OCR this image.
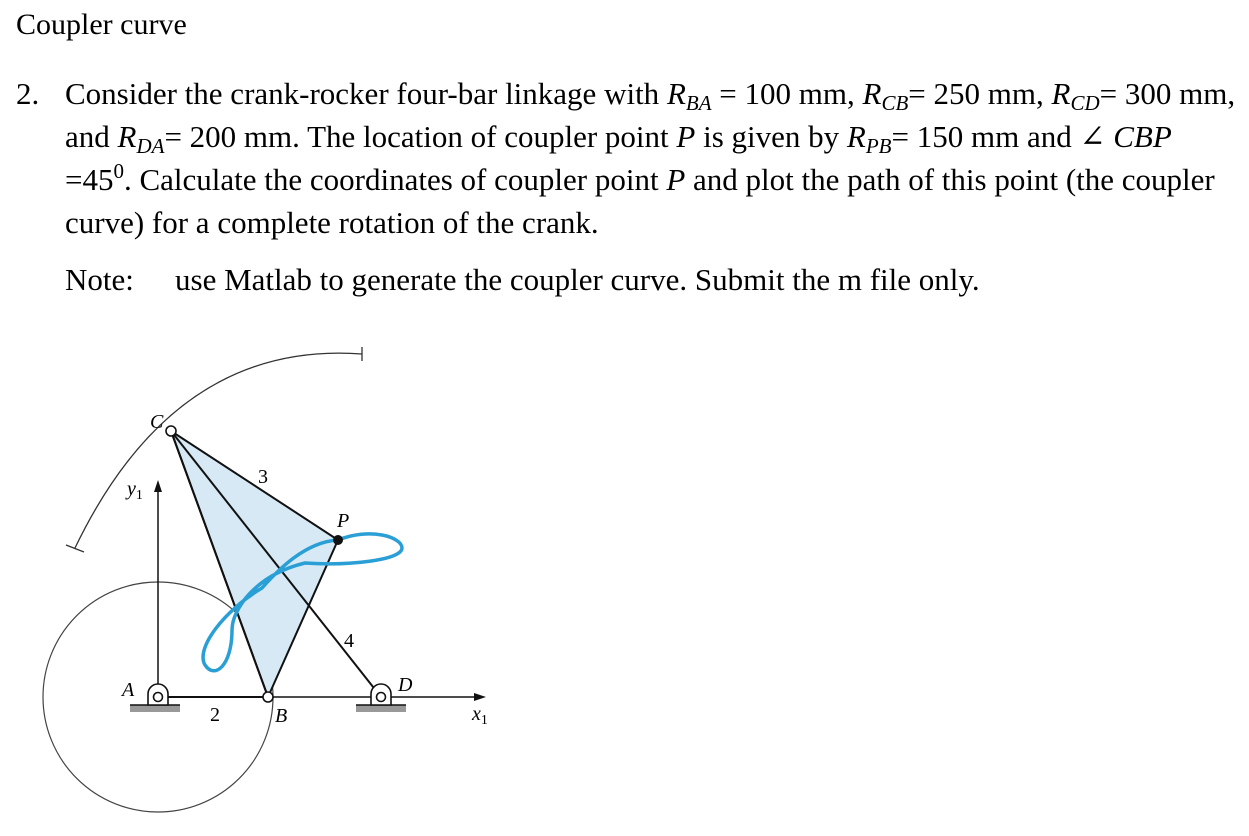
Coupler curve
2. Consider the crank-rocker four-bar linkage with $R_{BA} = 100$ mm, $R_{CB}= 250$ mm, $R_{CD}= 300$ mm, and $R_{DA}= 200$ mm. The location of coupler point P is given by $R_{PB}= 150$ mm and ∠ CBP $=45^0$. Calculate the coordinates of coupler point P and plot the path of this point (the coupler curve) for a complete rotation of the crank.
Note: use Matlab to generate the coupler curve. Submit the m file only.
C
A
B
D
P
2
3
4
$y_1$
$x_1$
